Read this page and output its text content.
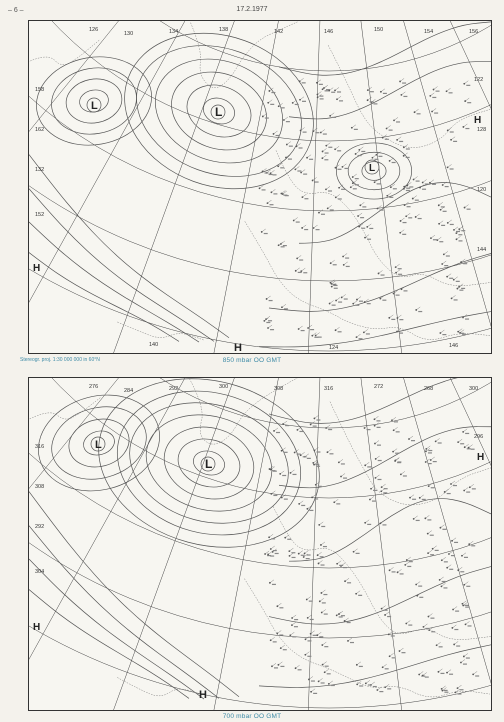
– 6 –	17.2.1977
126
130	134	138	142	146	150	154	156
158
162
132
152
122
128
120
144
140	124	146
L	L
L
H
H
H
Stereogr. proj. 1:30 000 000 in 60°N	850 mbar OO GMT
276
284	292	300	308	316	272	268	300
316
308
292
304
296
L
L
H
H
H
700 mbar OO GMT
